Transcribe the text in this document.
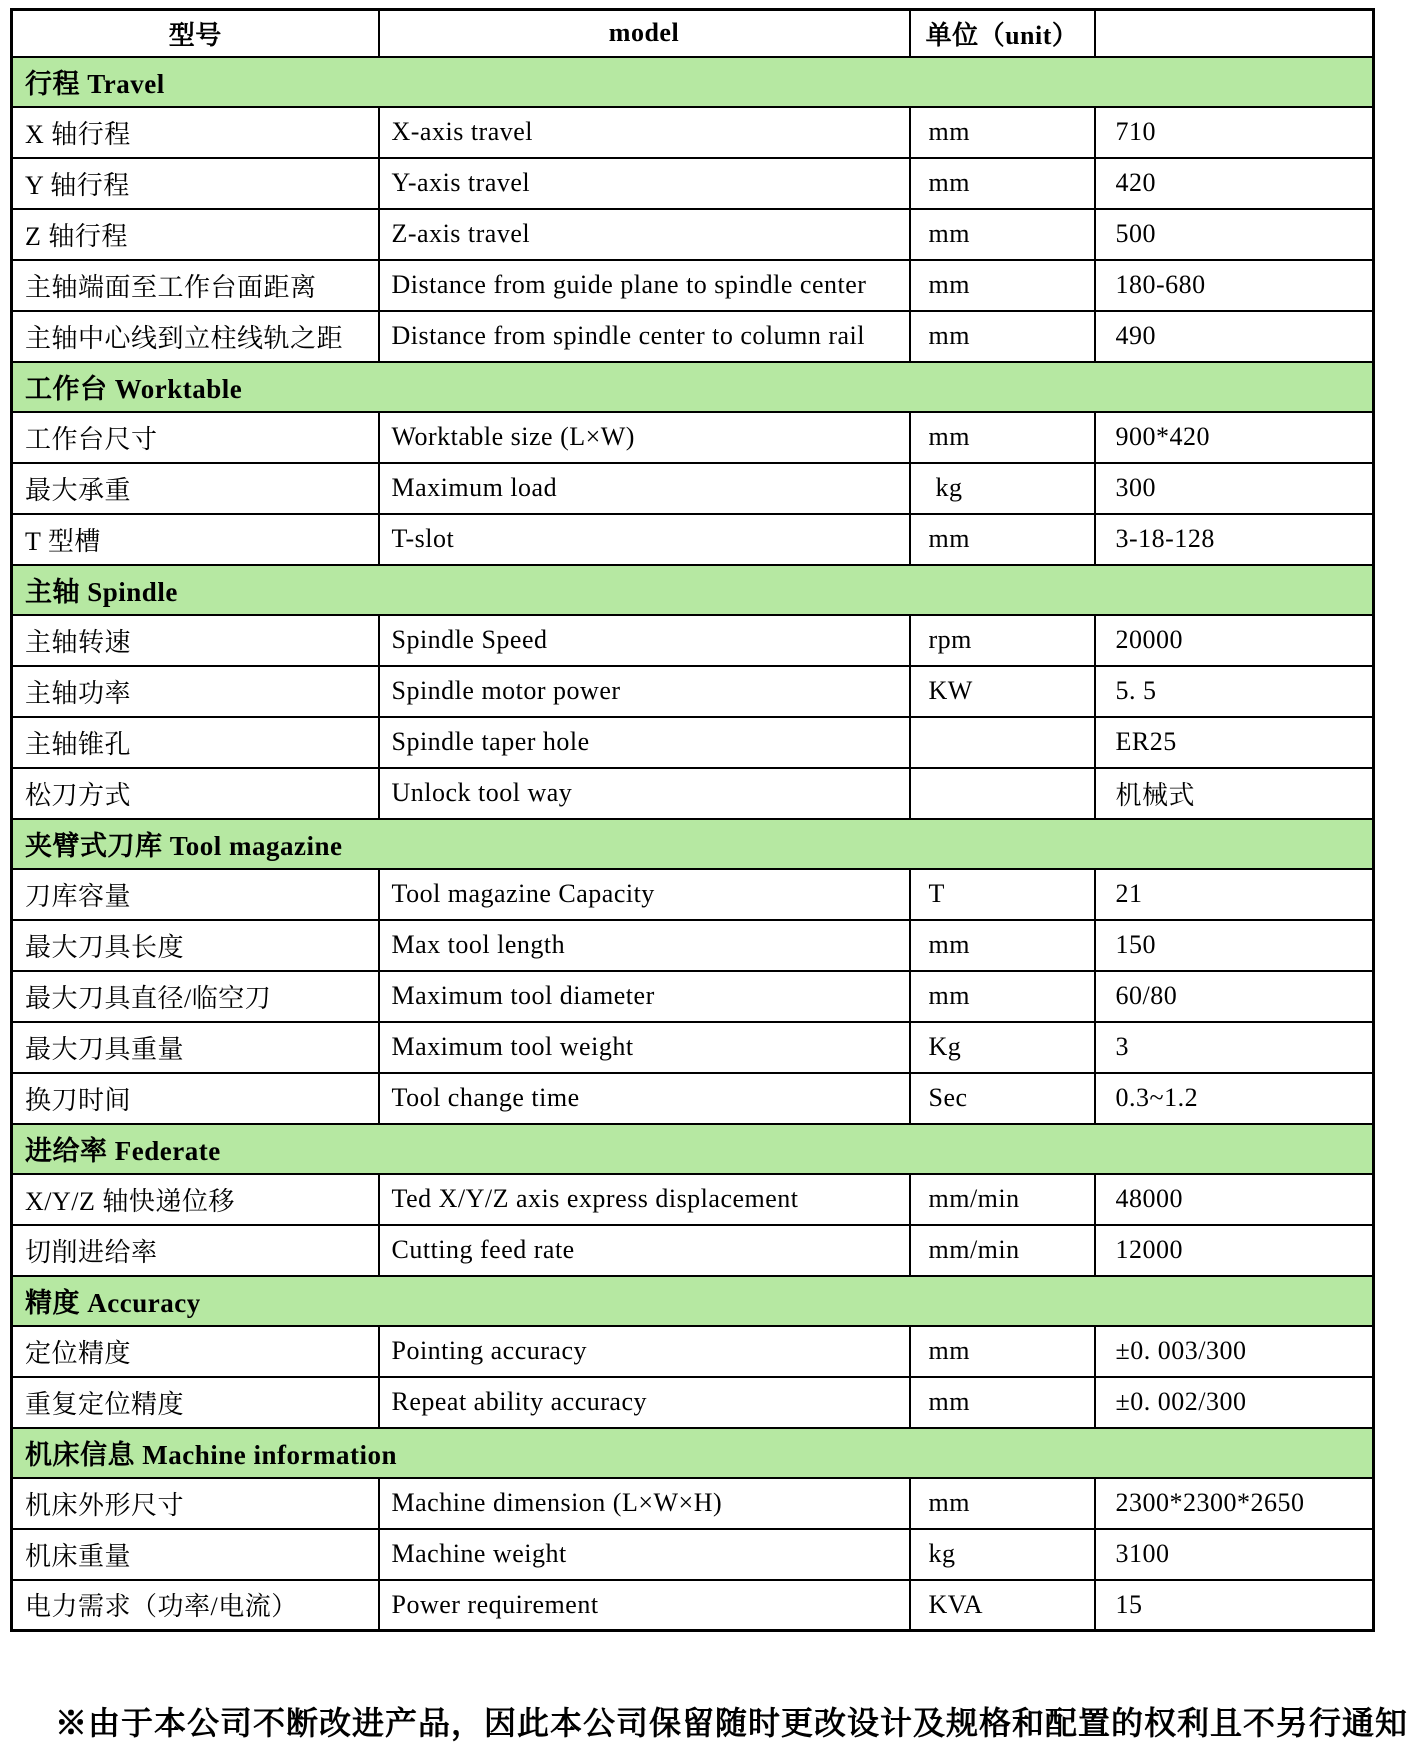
型号	model	单位（unit）	
行程 Travel			
X 轴行程	X-axis travel	mm	710
Y 轴行程	Y-axis travel	mm	420
Z 轴行程	Z-axis travel	mm	500
主轴端面至工作台面距离	Distance from guide plane to spindle center	mm	180-680
主轴中心线到立柱线轨之距	Distance from spindle center to column rail	mm	490
工作台 Worktable			
工作台尺寸	Worktable size (L×W)	mm	900*420
最大承重	Maximum load	kg	300
T 型槽	T-slot	mm	3-18-128
主轴 Spindle			
主轴转速	Spindle Speed	rpm	20000
主轴功率	Spindle motor power	KW	5. 5
主轴锥孔	Spindle taper hole		ER25
松刀方式	Unlock tool way		机械式
夹臂式刀库 Tool magazine			
刀库容量	Tool magazine Capacity	T	21
最大刀具长度	Max tool length	mm	150
最大刀具直径/临空刀	Maximum tool diameter	mm	60/80
最大刀具重量	Maximum tool weight	Kg	3
换刀时间	Tool change time	Sec	0.3~1.2
进给率 Federate			
X/Y/Z 轴快递位移	Ted X/Y/Z axis express displacement	mm/min	48000
切削进给率	Cutting feed rate	mm/min	12000
精度 Accuracy			
定位精度	Pointing accuracy	mm	±0. 003/300
重复定位精度	Repeat ability accuracy	mm	±0. 002/300
机床信息 Machine information			
机床外形尺寸	Machine dimension (L×W×H)	mm	2300*2300*2650
机床重量	Machine weight	kg	3100
电力需求（功率/电流）	Power requirement	KVA	15
※由于本公司不断改进产品，因此本公司保留随时更改设计及规格和配置的权利且不另行通知
